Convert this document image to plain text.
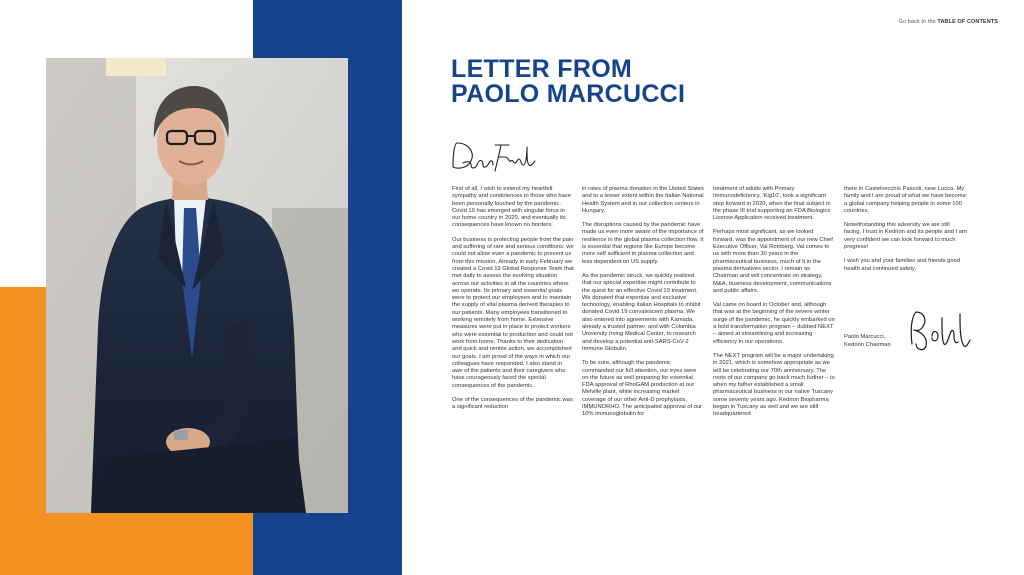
Go back to the TABLE OF CONTENTS
LETTER FROM
PAOLO MARCUCCI

First of all, I wish to extend my heartfelt sympathy and condolences to those who have been personally touched by the pandemic. Covid 19 has emerged with singular force in our home country in 2020, and eventually its consequences have known no borders.

Our business is protecting people from the pain and suffering of rare and serious conditions: we could not allow even a pandemic to prevent us from this mission. Already in early February we created a Covid 19 Global Response Team that met daily to assess the evolving situation across our activities in all the countries where we operate. Its primary and essential goals were to protect our employees and to maintain the supply of vital plasma derived therapies to our patients. Many employees transitioned to working remotely from home. Extensive measures were put in place to protect workers who were essential to production and could not work from home. Thanks to their dedication and quick and nimble action, we accomplished our goals. I am proud of the ways in which our colleagues have responded. I also stand in awe of the patients and their caregivers who have courageously faced the special consequences of the pandemic.

One of the consequences of the pandemic was a significant reduction

in rates of plasma donation in the United States and to a lesser extent within the Italian National Health System and in our collection centers in Hungary.

The disruptions caused by the pandemic have made us even more aware of the importance of resilience in the global plasma collection flow. It is essential that regions like Europe become more self sufficient in plasma collection and less dependent on US supply.

As the pandemic struck, we quickly realized that our special expertise might contribute to the quest for an effective Covid 19 treatment. We donated that expertise and exclusive technology, enabling Italian Hospitals to inhibit donated Covid 19 convalescent plasma. We also entered into agreements with Kamada, already a trusted partner, and with Columbia University Irving Medical Center, to research and develop a potential anti-SARS-CoV-2 Immune Globulin.

To be sure, although the pandemic commanded our full attention, our eyes were on the future as well preparing for essential FDA approval of RhoGAM production at our Melville plant, while increasing market coverage of our other Anti-D prophylaxis, IMMUNORHO. The anticipated approval of our 10% immunoglobulin for

treatment of adults with Primary Immunodeficiency, 'Kig10', took a significant step forward in 2020, when the final subject in the phase III trial supporting an FDA Biologics License Application received treatment.

Perhaps most significant, as we looked forward, was the appointment of our new Chief Executive Officer, Val Romberg. Val comes to us with more than 30 years in the pharmaceutical business, much of it in the plasma derivatives sector. I remain as Chairman and will concentrate on strategy, M&A, business development, communications and public affairs.

Val came on board in October and, although that was at the beginning of the severe winter surge of the pandemic, he quickly embarked on a bold transformation program – dubbed NEXT – aimed at streamlining and increasing efficiency in our operations.

The NEXT program will be a major undertaking in 2021, which is somehow appropriate as we will be celebrating our 70th anniversary. The roots of our company go back much further – to when my father established a small pharmaceutical business in our native Tuscany some seventy years ago. Kedrion Biopharma began in Tuscany as well and we are still headquartered

there in Castelvecchio Pascoli, near Lucca. My family and I are proud of what we have become: a global company helping people in some 100 countries.

Notwithstanding this adversity we are still facing, I trust in Kedrion and its people and I am very confident we can look forward to much progress!

I wish you and your families and friends good health and continued safety.

Paolo Marcucci,
Kedrion Chairman
